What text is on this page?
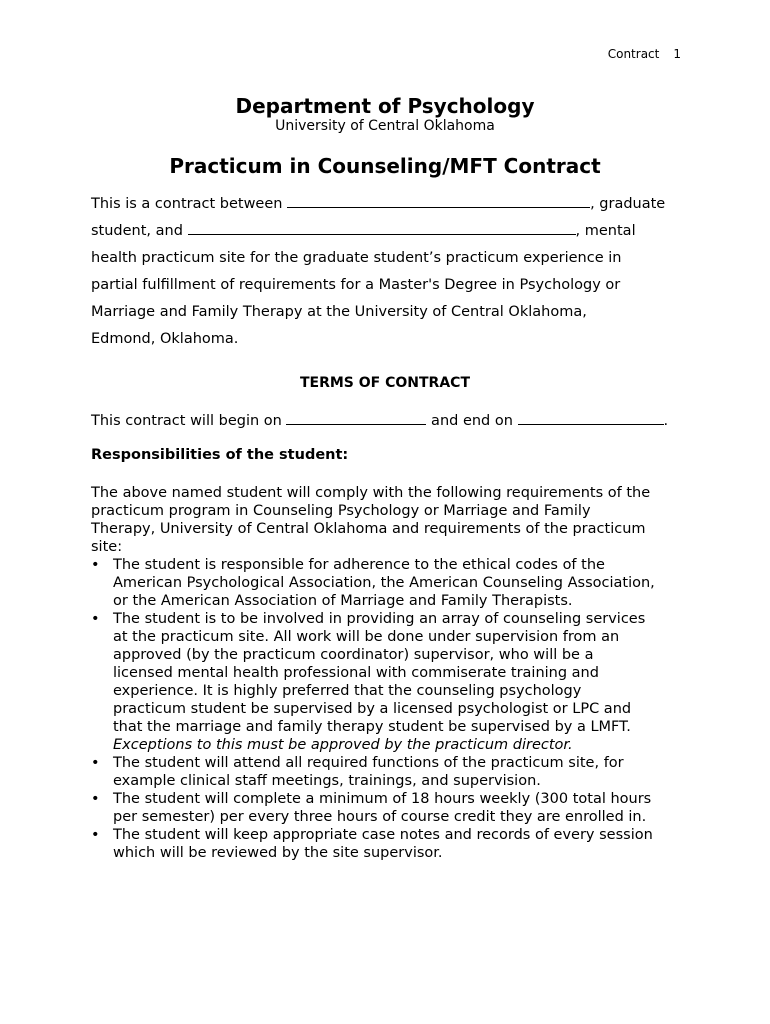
Contract 1
Department of Psychology
University of Central Oklahoma
Practicum in Counseling/MFT Contract
This is a contract between	, graduate
student, and	, mental
health practicum site for the graduate student’s practicum experience in
partial fulfillment of requirements for a Master's Degree in Psychology or
Marriage and Family Therapy at the University of Central Oklahoma,
Edmond, Oklahoma.
TERMS OF CONTRACT
This contract will begin on	and end on	.
Responsibilities of the student:

The above named student will comply with the following requirements of the
practicum program in Counseling Psychology or Marriage and Family
Therapy, University of Central Oklahoma and requirements of the practicum
site:

• The student is responsible for adherence to the ethical codes of the
American Psychological Association, the American Counseling Association,
or the American Association of Marriage and Family Therapists.
• The student is to be involved in providing an array of counseling services
at the practicum site. All work will be done under supervision from an
approved (by the practicum coordinator) supervisor, who will be a
licensed mental health professional with commiserate training and
experience. It is highly preferred that the counseling psychology
practicum student be supervised by a licensed psychologist or LPC and
that the marriage and family therapy student be supervised by a LMFT.
Exceptions to this must be approved by the practicum director.
• The student will attend all required functions of the practicum site, for
example clinical staff meetings, trainings, and supervision.
• The student will complete a minimum of 18 hours weekly (300 total hours
per semester) per every three hours of course credit they are enrolled in.
• The student will keep appropriate case notes and records of every session
which will be reviewed by the site supervisor.
